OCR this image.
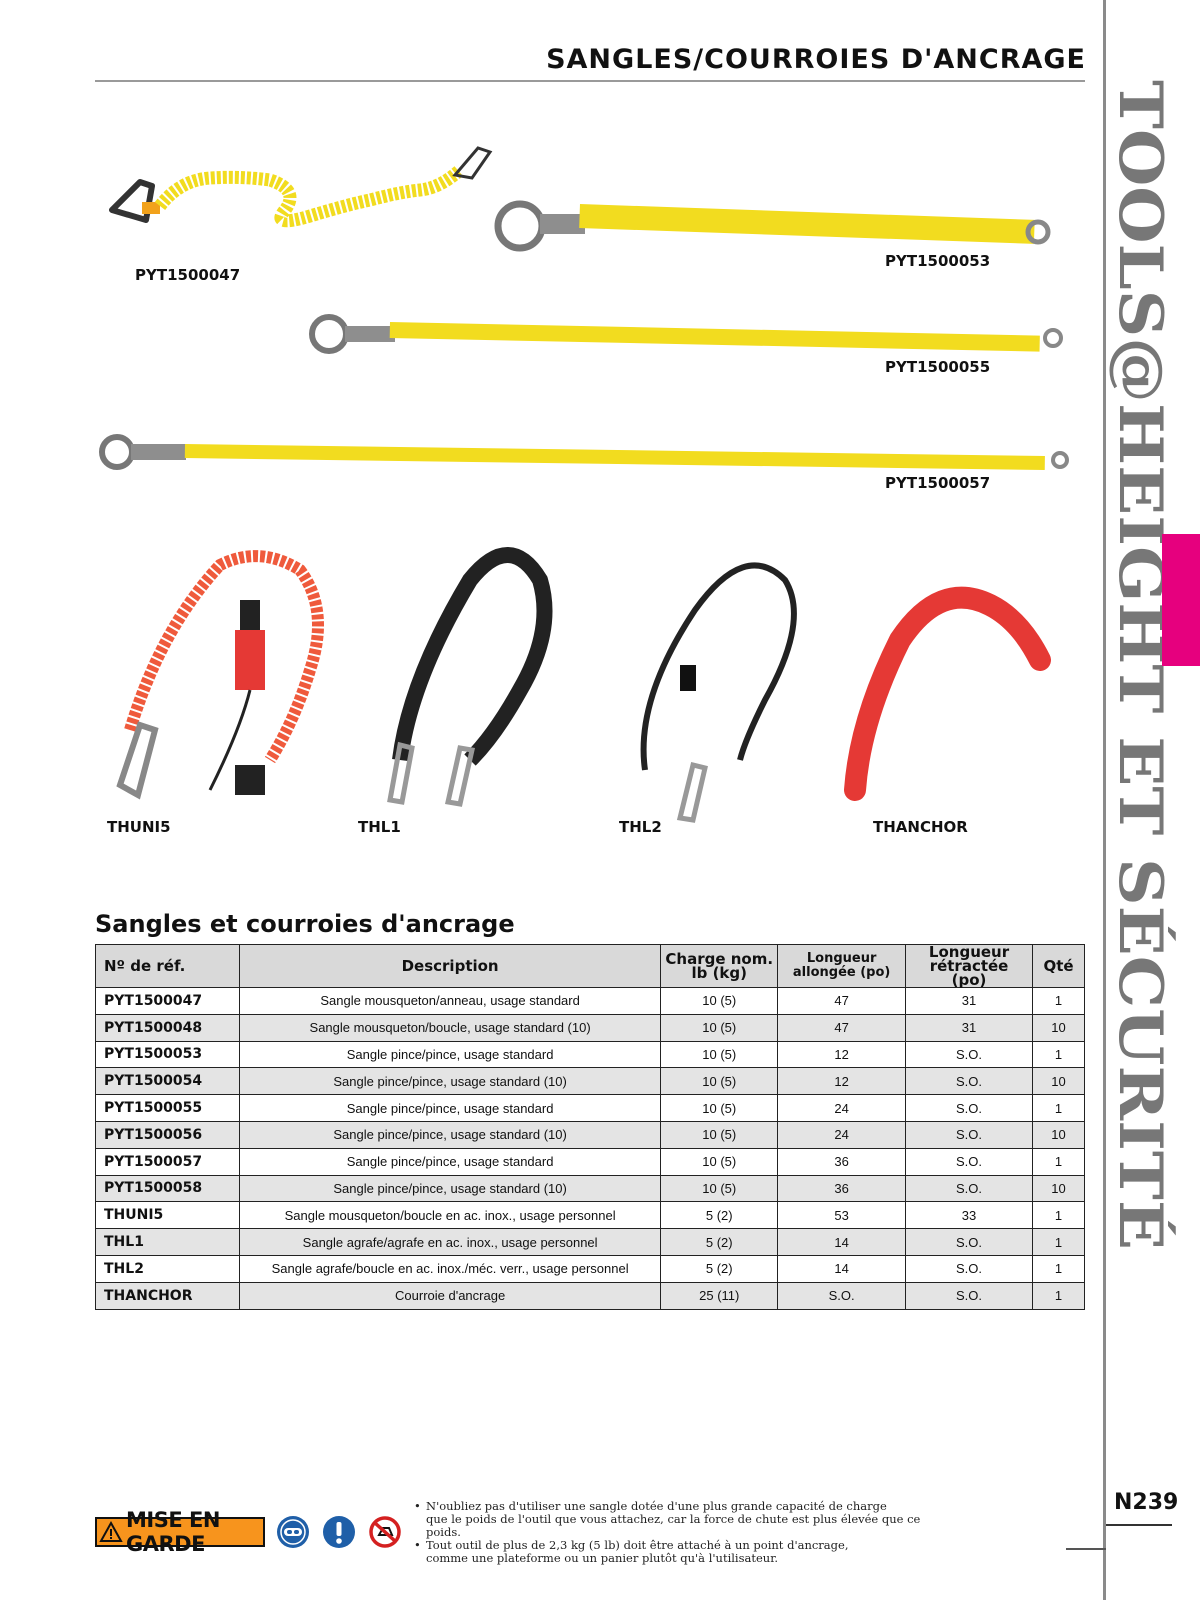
SANGLES/COURROIES D'ANCRAGE
TOOLS@HEIGHT ET SÉCURITÉ
PYT1500047
PYT1500053
PYT1500055
PYT1500057
THUNI5	THL1	THL2	THANCHOR
Sangles et courroies d'ancrage
Nº de réf.	Description	Charge nom. lb (kg)	Longueur allongée (po)	Longueur rétractée (po)	Qté
PYT1500047	Sangle mousqueton/anneau, usage standard	10 (5)	47	31	1
PYT1500048	Sangle mousqueton/boucle, usage standard (10)	10 (5)	47	31	10
PYT1500053	Sangle pince/pince, usage standard	10 (5)	12	S.O.	1
PYT1500054	Sangle pince/pince, usage standard (10)	10 (5)	12	S.O.	10
PYT1500055	Sangle pince/pince, usage standard	10 (5)	24	S.O.	1
PYT1500056	Sangle pince/pince, usage standard (10)	10 (5)	24	S.O.	10
PYT1500057	Sangle pince/pince, usage standard	10 (5)	36	S.O.	1
PYT1500058	Sangle pince/pince, usage standard (10)	10 (5)	36	S.O.	10
THUNI5	Sangle mousqueton/boucle en ac. inox., usage personnel	5 (2)	53	33	1
THL1	Sangle agrafe/agrafe en ac. inox., usage personnel	5 (2)	14	S.O.	1
THL2	Sangle agrafe/boucle en ac. inox./méc. verr., usage personnel	5 (2)	14	S.O.	1
THANCHOR	Courroie d'ancrage	25 (11)	S.O.	S.O.	1
MISE EN GARDE
• N'oubliez pas d'utiliser une sangle dotée d'une plus grande capacité de charge
que le poids de l'outil que vous attachez, car la force de chute est plus élevée que ce poids.
• Tout outil de plus de 2,3 kg (5 lb) doit être attaché à un point d'ancrage,
comme une plateforme ou un panier plutôt qu'à l'utilisateur.
N239
